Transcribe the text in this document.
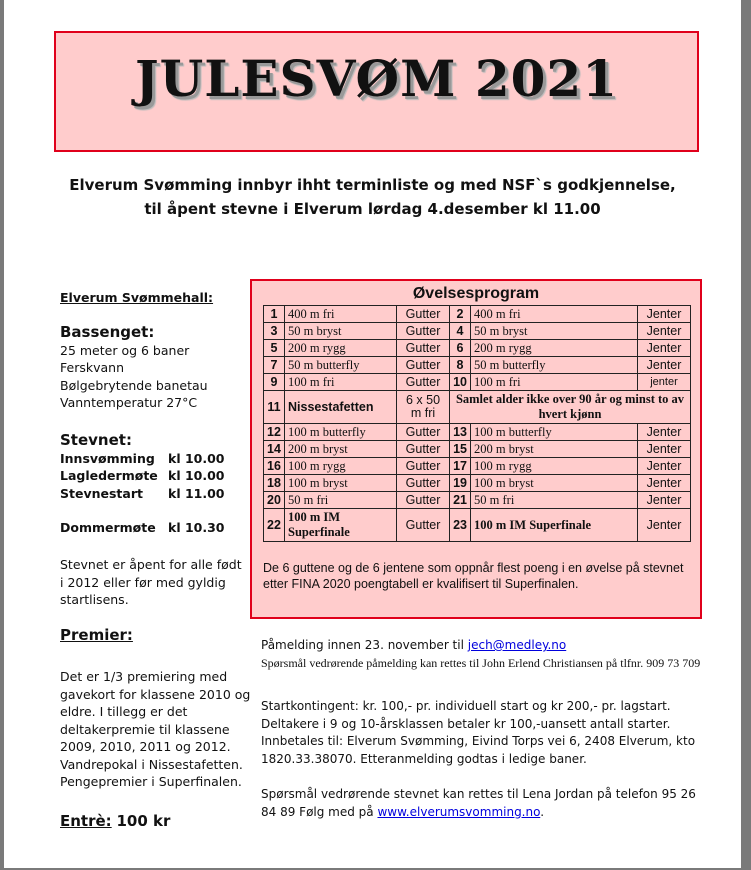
JULESVØM 2021
Elverum Svømming innbyr ihht terminliste og med NSF`s godkjennelse,
til åpent stevne i Elverum lørdag 4.desember kl 11.00
Elverum Svømmehall:
Bassenget:
25 meter og 6 baner
Ferskvann
Bølgebrytende banetau
Vanntemperatur 27°C
Stevnet:
Innsvømming	kl 10.00
Lagledermøte kl 10.00
Stevnestart	kl 11.00
Dommermøte kl 10.30
Stevnet er åpent for alle født
i 2012 eller før med gyldig
startlisens.
Premier:
Det er 1/3 premiering med
gavekort for klassene 2010 og
eldre. I tillegg er det
deltakerpremie til klassene
2009, 2010, 2011 og 2012.
Vandrepokal i Nissestafetten.
Pengepremier i Superfinalen.
Entrè: 100 kr
Øvelsesprogram
1	400 m fri	Gutter	2	400 m fri	Jenter
3	50 m bryst	Gutter	4	50 m bryst	Jenter
5	200 m rygg	Gutter	6	200 m rygg	Jenter
7	50 m butterfly	Gutter	8	50 m butterfly	Jenter
9	100 m fri	Gutter	10	100 m fri	jenter
11	Nissestafetten	6 x 50 m fri	Samlet alder ikke over 90 år og minst to av hvert kjønn		
12	100 m butterfly	Gutter	13	100 m butterfly	Jenter
14	200 m bryst	Gutter	15	200 m bryst	Jenter
16	100 m rygg	Gutter	17	100 m rygg	Jenter
18	100 m bryst	Gutter	19	100 m bryst	Jenter
20	50 m fri	Gutter	21	50 m fri	Jenter
22	100 m IM Superfinale	Gutter	23	100 m IM Superfinale	Jenter
De 6 guttene og de 6 jentene som oppnår flest poeng i en øvelse på stevnet etter FINA 2020 poengtabell er kvalifisert til Superfinalen.
Påmelding innen 23. november til jech@medley.no
Spørsmål vedrørende påmelding kan rettes til John Erlend Christiansen på tlfnr. 909 73 709
Startkontingent: kr. 100,- pr. individuell start og kr 200,- pr. lagstart. Deltakere i 9 og 10-årsklassen betaler kr 100,-uansett antall starter. Innbetales til: Elverum Svømming, Eivind Torps vei 6, 2408 Elverum, kto 1820.33.38070. Etteranmelding godtas i ledige baner.
Spørsmål vedrørende stevnet kan rettes til Lena Jordan på telefon 95 26 84 89 Følg med på www.elverumsvomming.no.
